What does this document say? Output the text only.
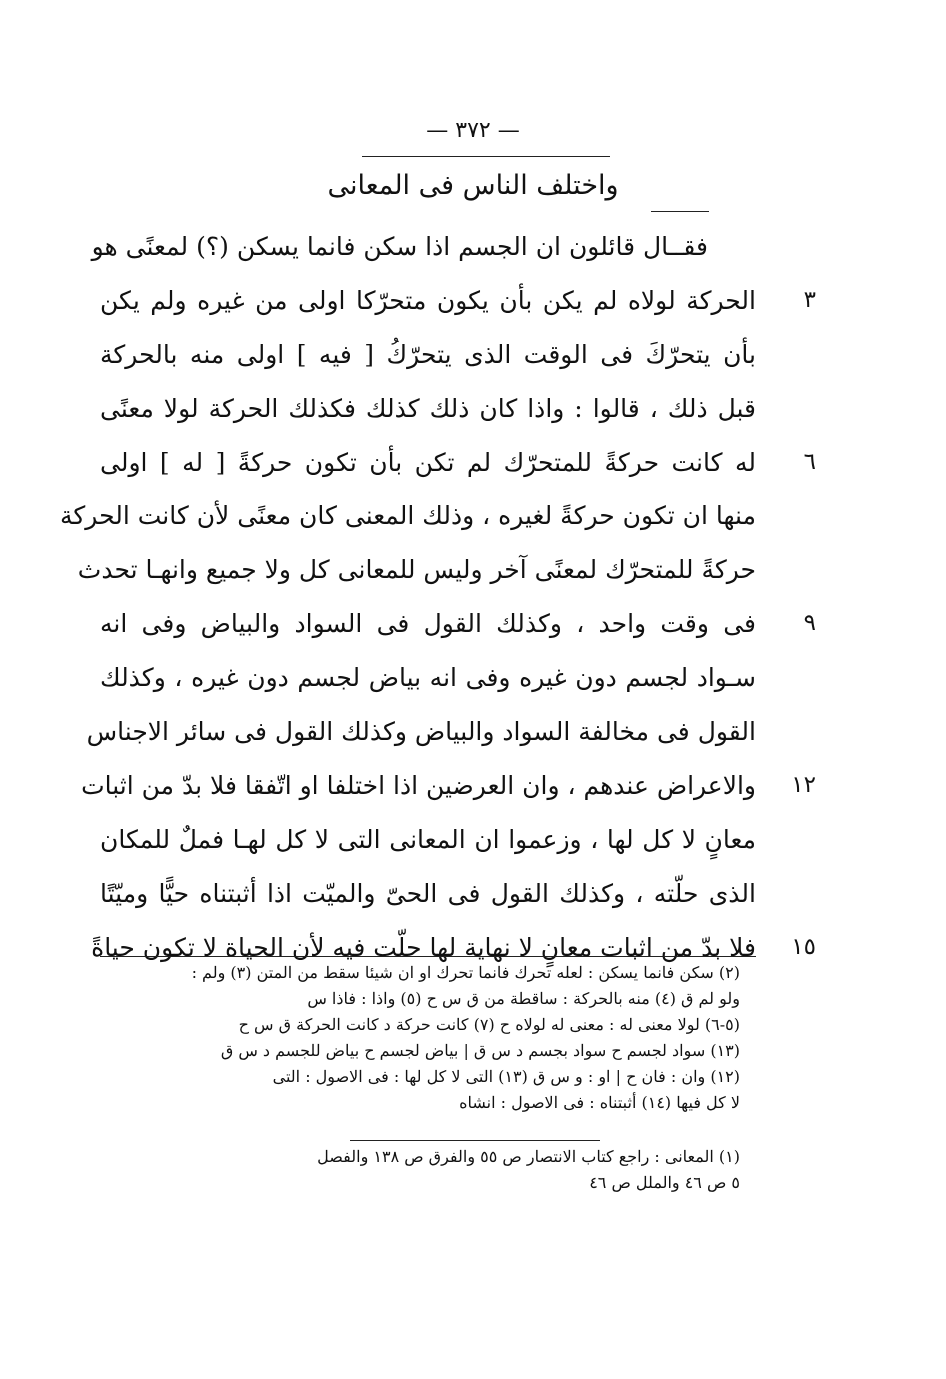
— ٣٧٢ —
واختلف الناس فى المعانى
فقــال قائلون ان الجسم اذا سكن فانما يسكن (؟) لمعنًى هو
٣
الحركة لولاه لم يكن بأن يكون متحرّكا اولى من غيره ولم يكن
بأن يتحرّكَ فى الوقت الذى يتحرّكُ [ فيه ] اولى منه بالحركة
قبل ذلك ، قالوا : واذا كان ذلك كذلك فكذلك الحركة لولا معنًى
٦
له كانت حركةً للمتحرّك لم تكن بأن تكون حركةً [ له ] اولى
منها ان تكون حركةً لغيره ، وذلك المعنى كان معنًى لأن كانت الحركة
حركةً للمتحرّك لمعنًى آخر وليس للمعانى كل ولا جميع وانهـا تحدث
٩
فى وقت واحد ، وكذلك القول فى السواد والبياض وفى انه
سـواد لجسم دون غيره وفى انه بياض لجسم دون غيره ، وكذلك
القول فى مخالفة السواد والبياض وكذلك القول فى سائر الاجناس
١٢
والاعراض عندهم ، وان العرضين اذا اختلفا او اتّفقا فلا بدّ من اثبات
معانٍ لا كل لها ، وزعموا ان المعانى التى لا كل لهـا فملٌ للمكان
الذى حلّته ، وكذلك القول فى الحىّ والميّت اذا أثبتناه حيًّا وميّتًا
١٥
فلا بدّ من اثبات معانٍ لا نهاية لها حلّت فيه لأن الحياة لا تكون حياةً
(٢) سكن فانما يسكن : لعله تحرك فانما تحرك او ان شيئا سقط من المتن (٣) ولم :
ولو لم ق (٤) منه بالحركة : ساقطة من ق س ح (٥) واذا : فاذا س
(٥-٦) لولا معنى له : معنى له لولاه ح (٧) كانت حركة د كانت الحركة ق س ح
(١٣) سواد لجسم ح سواد بجسم د س ق | بياض لجسم ح بياض للجسم د س ق
(١٢) وان : فان ح | او : و س ق (١٣) التى لا كل لها : فى الاصول : التى
لا كل فيها (١٤) أثبتناه : فى الاصول : انشاه
(١) المعانى : راجع كتاب الانتصار ص ٥٥ والفرق ص ١٣٨ والفصل
٥ ص ٤٦ والملل ص ٤٦
